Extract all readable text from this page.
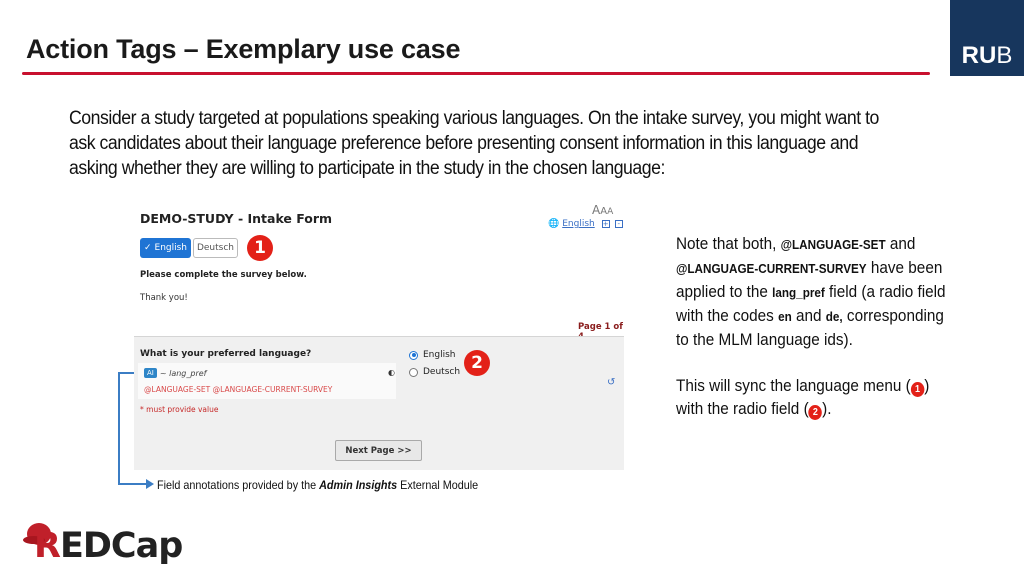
Action Tags – Exemplary use case	RU B
Consider a study targeted at populations speaking various languages. On the intake survey, you might want to ask candidates about their language preference before presenting consent information in this language and asking whether they are willing to participate in the study in the chosen language:
DEMO-STUDY - Intake Form
AAA
🌐 English +	-
✓ English Deutsch	1
Please complete the survey below.
Thank you!
Page 1 of
What is your preferred language?
AI ~ lang_pref	◐
@LANGUAGE-SET @LANGUAGE-CURRENT-SURVEY
* must provide value
English
Deutsch
↺
Next Page >>
2
Field annotations provided by the Admin Insights External Module

Note that both, @LANGUAGE-SET and @LANGUAGE-CURRENT-SURVEY have been applied to the lang_pref field (a radio field with the codes en and de, corresponding to the MLM language ids).

This will sync the language menu ( 1 ) with the radio field ( 2 ).

REDCap
